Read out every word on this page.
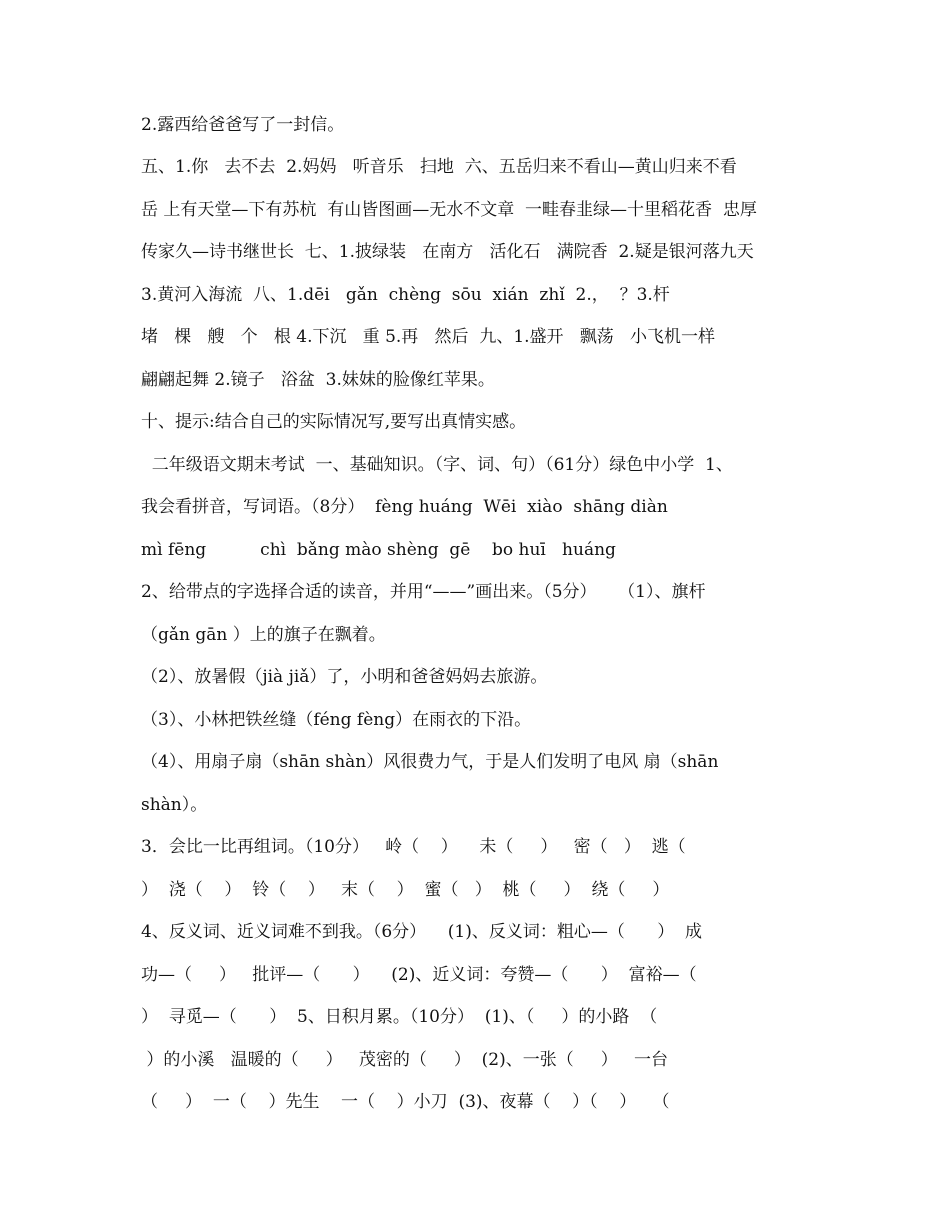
2.露西给爸爸写了一封信。
五、1.你   去不去  2.妈妈   听音乐   扫地  六、五岳归来不看山—黄山归来不看
岳 上有天堂—下有苏杭  有山皆图画—无水不文章  一畦春韭绿—十里稻花香  忠厚
传家久—诗书继世长  七、1.披绿装   在南方   活化石   满院香  2.疑是银河落九天
3.黄河入海流  八、1.dēi   gǎn  chèng  sōu  xián  zhǐ  2.，  ？3.杆
堵   棵   艘   个   根 4.下沉   重 5.再   然后  九、1.盛开   飘荡   小飞机一样
翩翩起舞 2.镜子   浴盆  3.妹妹的脸像红苹果。
十、提示:结合自己的实际情况写,要写出真情实感。
二年级语文期末考试  一、基础知识。（字、词、句）（61分）绿色中小学  1、
我会看拼音，写词语。（8分）  fèng huáng  Wēi  xiào  shāng diàn
mì fēng          chì  bǎng mào shèng  gē    bo huī   huáng
2、给带点的字选择合适的读音，并用“——”画出来。（5分）    （1）、旗杆
（gǎn gān ）上的旗子在飘着。
（2）、放暑假（jià jiǎ）了，小明和爸爸妈妈去旅游。
（3）、小林把铁丝缝（féng fèng）在雨衣的下沿。
（4）、用扇子扇（shān shàn）风很费力气，于是人们发明了电风 扇（shān
shàn）。
3．会比一比再组词。（10分）   岭（    ）    未（     ）   密（   ）  逃（
）  浇（    ）  铃（    ）   末（    ）  蜜（   ）  桃（     ）  绕（     ）
4、反义词、近义词难不到我。（6分）    (1)、反义词：粗心—（      ）  成
功—（     ）   批评—（      ）    (2)、近义词：夸赞—（      ）  富裕—（
）  寻觅—（      ）  5、日积月累。（10分）  (1)、（     ）的小路  （
）的小溪   温暖的（     ）   茂密的（     ）  (2)、一张（     ）   一台
（     ）  一（    ）先生    一（    ）小刀  (3)、夜幕（    ）（    ）   （
